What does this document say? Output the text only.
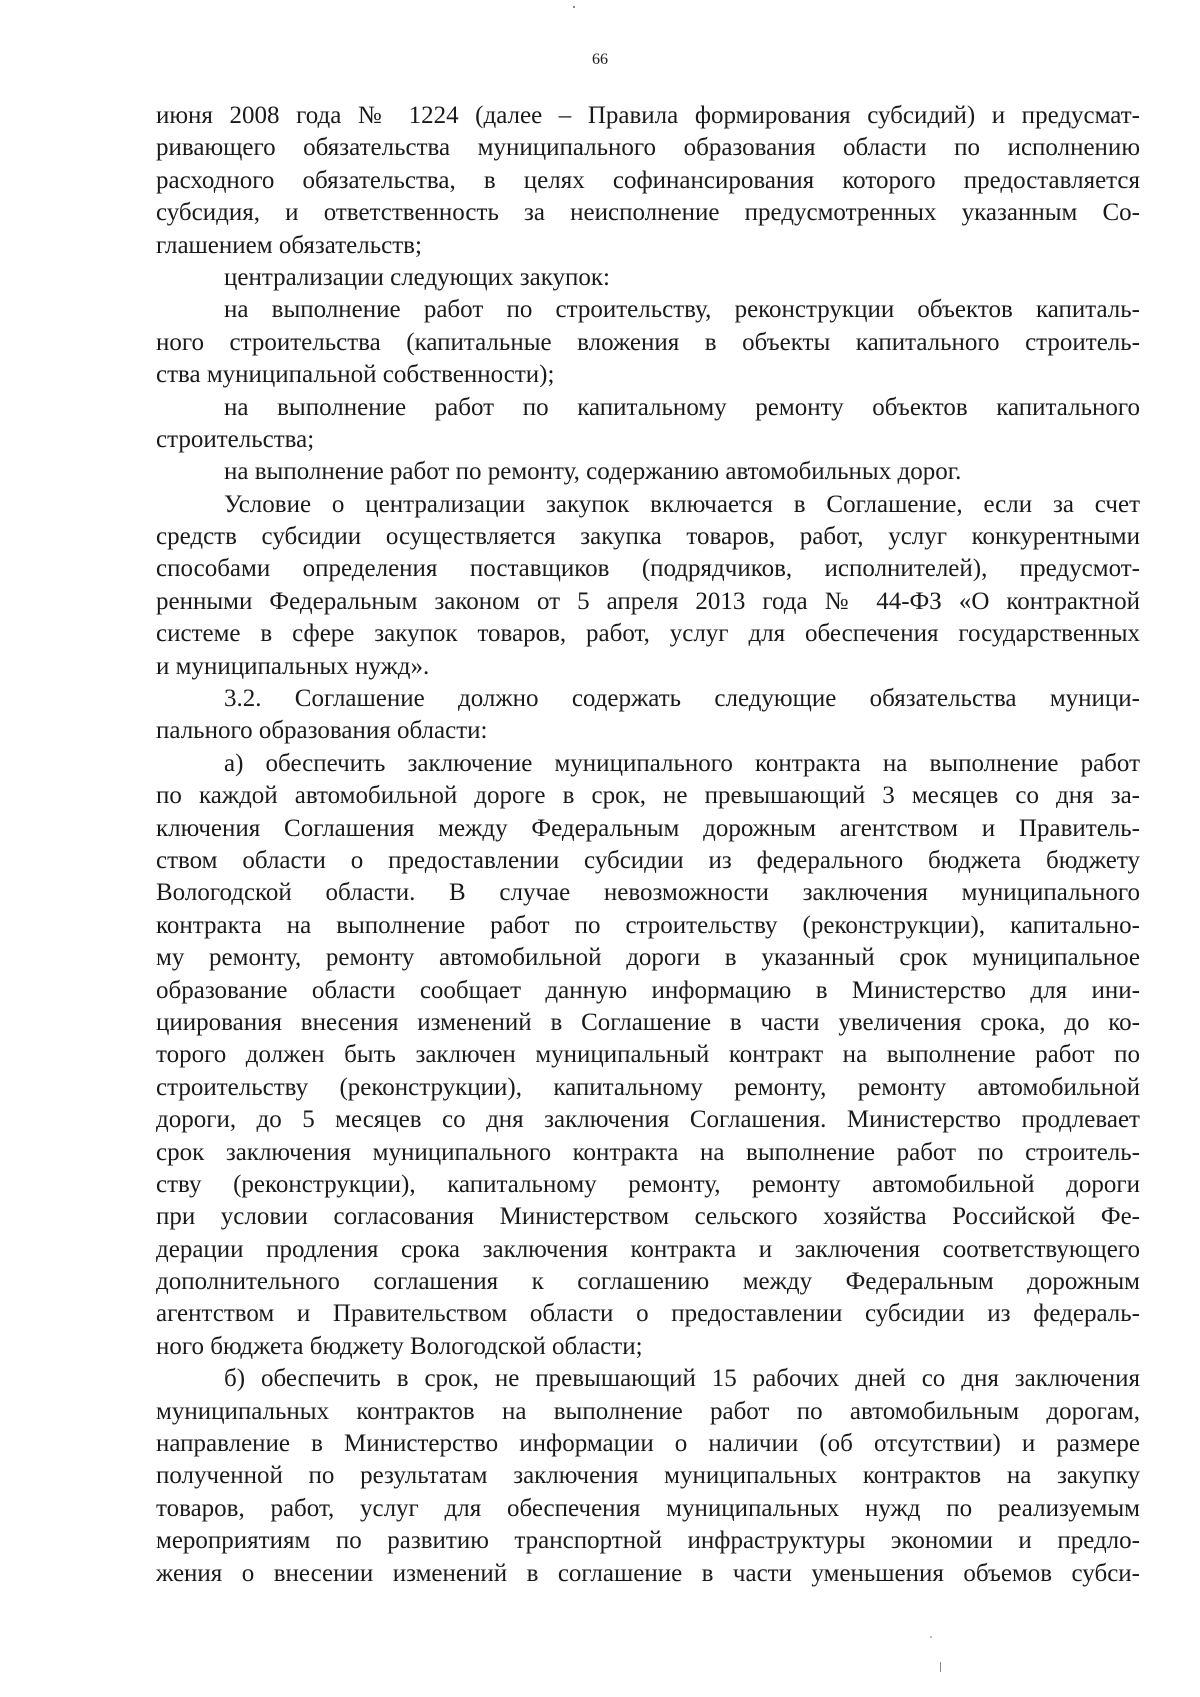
66
июня 2008 года № 1224 (далее – Правила формирования субсидий) и предусмат-
ривающего обязательства муниципального образования области по исполнению
расходного обязательства, в целях софинансирования которого предоставляется
субсидия, и ответственность за неисполнение предусмотренных указанным Со-
глашением обязательств;
централизации следующих закупок:
на выполнение работ по строительству, реконструкции объектов капиталь-
ного строительства (капитальные вложения в объекты капитального строитель-
ства муниципальной собственности);
на выполнение работ по капитальному ремонту объектов капитального
строительства;
на выполнение работ по ремонту, содержанию автомобильных дорог.
Условие о централизации закупок включается в Соглашение, если за счет
средств субсидии осуществляется закупка товаров, работ, услуг конкурентными
способами определения поставщиков (подрядчиков, исполнителей), предусмот-
ренными Федеральным законом от 5 апреля 2013 года № 44-ФЗ «О контрактной
системе в сфере закупок товаров, работ, услуг для обеспечения государственных
и муниципальных нужд».
3.2. Соглашение должно содержать следующие обязательства муници-
пального образования области:
а) обеспечить заключение муниципального контракта на выполнение работ
по каждой автомобильной дороге в срок, не превышающий 3 месяцев со дня за-
ключения Соглашения между Федеральным дорожным агентством и Правитель-
ством области о предоставлении субсидии из федерального бюджета бюджету
Вологодской области. В случае невозможности заключения муниципального
контракта на выполнение работ по строительству (реконструкции), капитально-
му ремонту, ремонту автомобильной дороги в указанный срок муниципальное
образование области сообщает данную информацию в Министерство для ини-
циирования внесения изменений в Соглашение в части увеличения срока, до ко-
торого должен быть заключен муниципальный контракт на выполнение работ по
строительству (реконструкции), капитальному ремонту, ремонту автомобильной
дороги, до 5 месяцев со дня заключения Соглашения. Министерство продлевает
срок заключения муниципального контракта на выполнение работ по строитель-
ству (реконструкции), капитальному ремонту, ремонту автомобильной дороги
при условии согласования Министерством сельского хозяйства Российской Фе-
дерации продления срока заключения контракта и заключения соответствующего
дополнительного соглашения к соглашению между Федеральным дорожным
агентством и Правительством области о предоставлении субсидии из федераль-
ного бюджета бюджету Вологодской области;
б) обеспечить в срок, не превышающий 15 рабочих дней со дня заключения
муниципальных контрактов на выполнение работ по автомобильным дорогам,
направление в Министерство информации о наличии (об отсутствии) и размере
полученной по результатам заключения муниципальных контрактов на закупку
товаров, работ, услуг для обеспечения муниципальных нужд по реализуемым
мероприятиям по развитию транспортной инфраструктуры экономии и предло-
жения о внесении изменений в соглашение в части уменьшения объемов субси-
